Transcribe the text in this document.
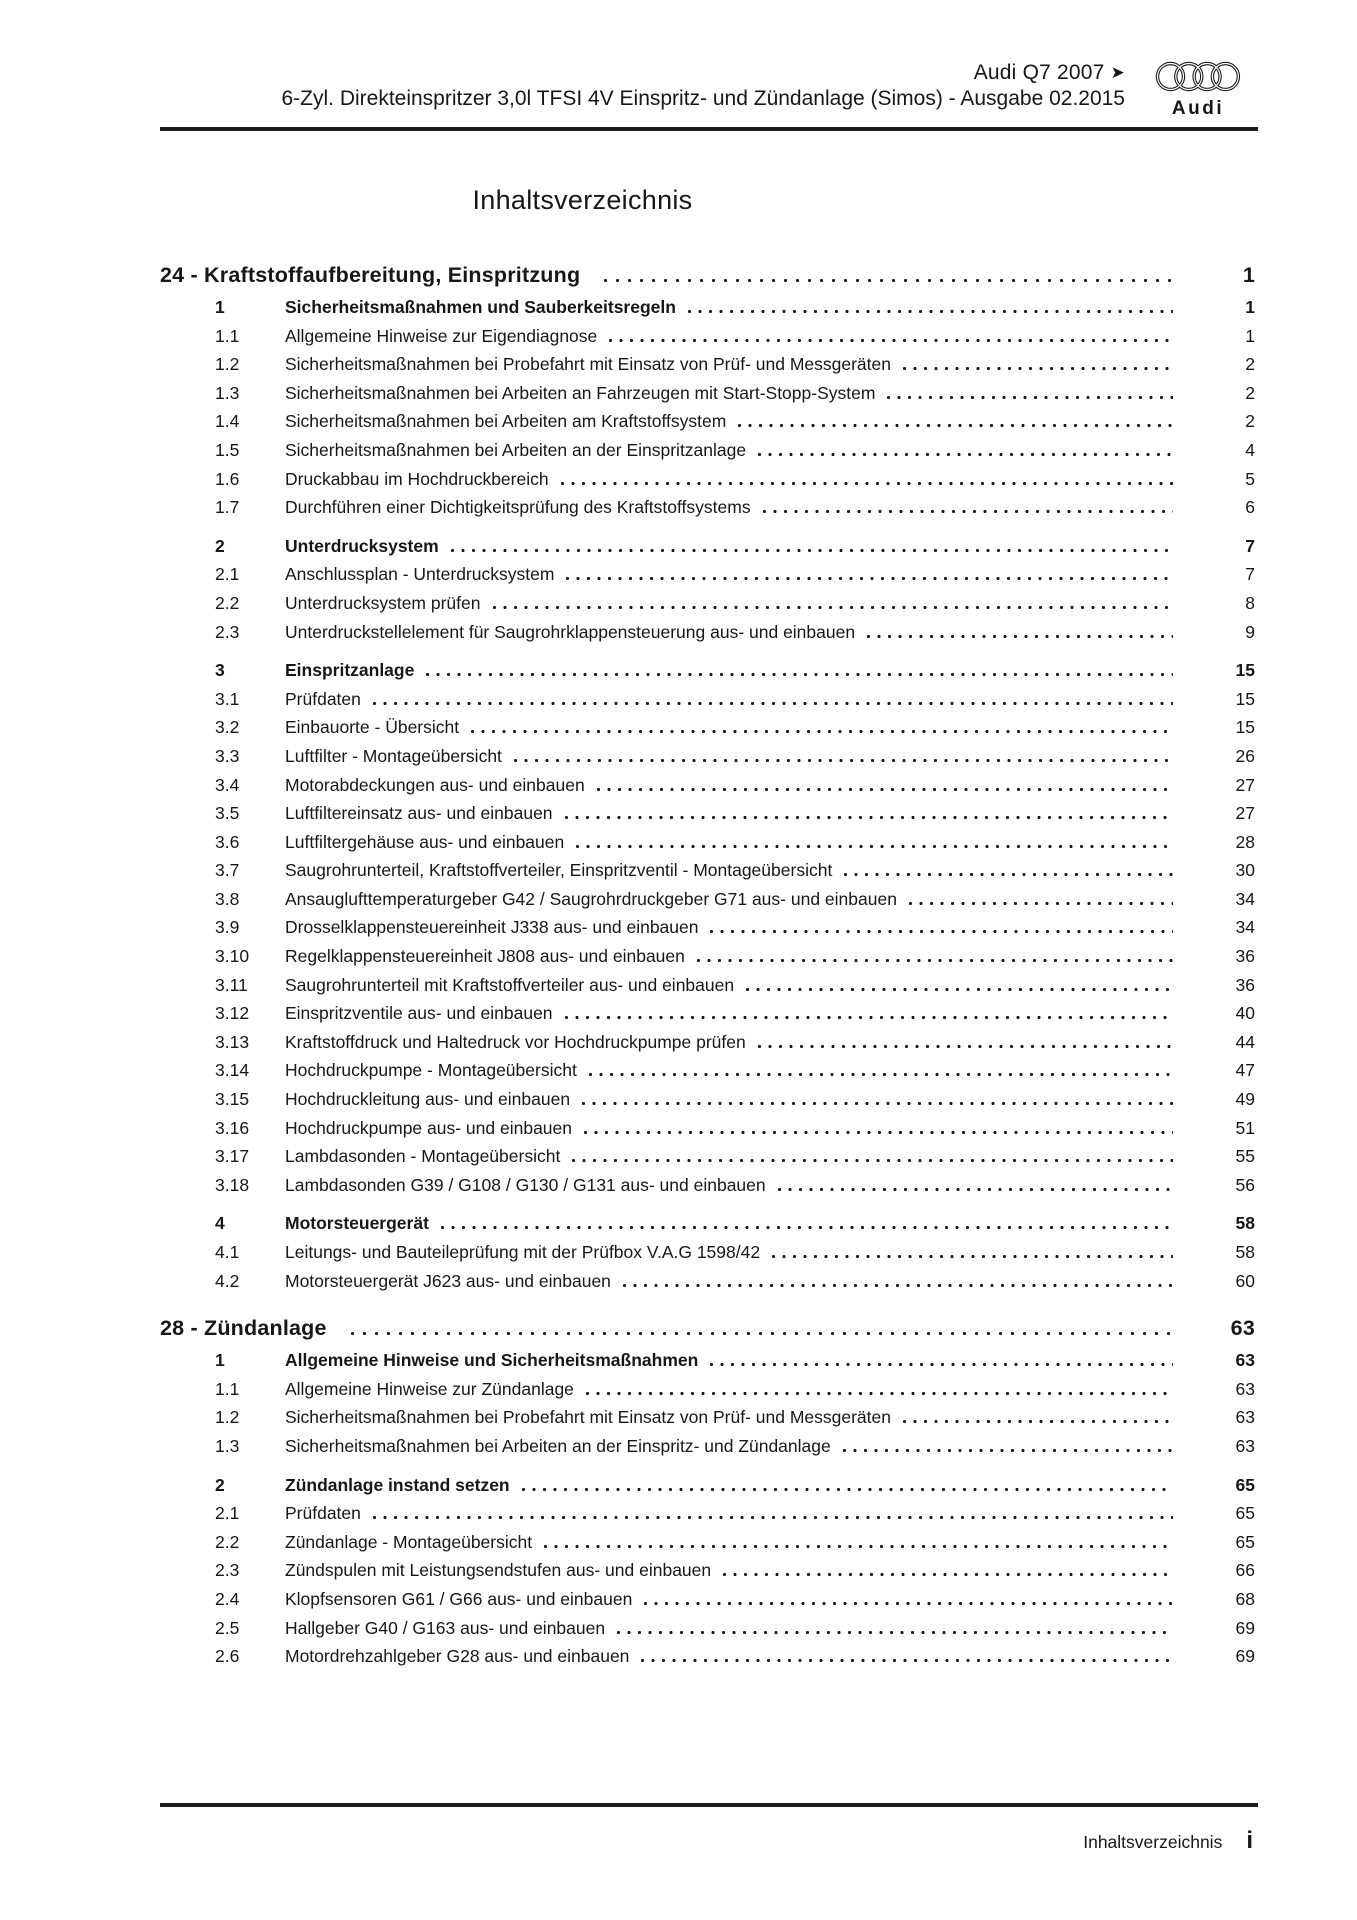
Audi Q7 2007 ➤
6-Zyl. Direkteinspritzer 3,0l TFSI 4V Einspritz- und Zündanlage (Simos) - Ausgabe 02.2015	Audi
Inhaltsverzeichnis
24 - Kraftstoffaufbereitung, Einspritzung	1
1	Sicherheitsmaßnahmen und Sauberkeitsregeln	1
1.1	Allgemeine Hinweise zur Eigendiagnose	1
1.2	Sicherheitsmaßnahmen bei Probefahrt mit Einsatz von Prüf- und Messgeräten	2
1.3	Sicherheitsmaßnahmen bei Arbeiten an Fahrzeugen mit Start-Stopp-System	2
1.4	Sicherheitsmaßnahmen bei Arbeiten am Kraftstoffsystem	2
1.5	Sicherheitsmaßnahmen bei Arbeiten an der Einspritzanlage	4
1.6	Druckabbau im Hochdruckbereich	5
1.7	Durchführen einer Dichtigkeitsprüfung des Kraftstoffsystems	6
2	Unterdrucksystem	7
2.1	Anschlussplan - Unterdrucksystem	7
2.2	Unterdrucksystem prüfen	8
2.3	Unterdruckstellelement für Saugrohrklappensteuerung aus- und einbauen	9
3	Einspritzanlage	15
3.1	Prüfdaten	15
3.2	Einbauorte - Übersicht	15
3.3	Luftfilter - Montageübersicht	26
3.4	Motorabdeckungen aus- und einbauen	27
3.5	Luftfiltereinsatz aus- und einbauen	27
3.6	Luftfiltergehäuse aus- und einbauen	28
3.7	Saugrohrunterteil, Kraftstoffverteiler, Einspritzventil - Montageübersicht	30
3.8	Ansauglufttemperaturgeber G42 / Saugrohrdruckgeber G71 aus- und einbauen	34
3.9	Drosselklappensteuereinheit J338 aus- und einbauen	34
3.10	Regelklappensteuereinheit J808 aus- und einbauen	36
3.11	Saugrohrunterteil mit Kraftstoffverteiler aus- und einbauen	36
3.12	Einspritzventile aus- und einbauen	40
3.13	Kraftstoffdruck und Haltedruck vor Hochdruckpumpe prüfen	44
3.14	Hochdruckpumpe - Montageübersicht	47
3.15	Hochdruckleitung aus- und einbauen	49
3.16	Hochdruckpumpe aus- und einbauen	51
3.17	Lambdasonden - Montageübersicht	55
3.18	Lambdasonden G39 / G108 / G130 / G131 aus- und einbauen	56
4	Motorsteuergerät	58
4.1	Leitungs- und Bauteileprüfung mit der Prüfbox V.A.G 1598/42	58
4.2	Motorsteuergerät J623 aus- und einbauen	60
28 - Zündanlage	63
1	Allgemeine Hinweise und Sicherheitsmaßnahmen	63
1.1	Allgemeine Hinweise zur Zündanlage	63
1.2	Sicherheitsmaßnahmen bei Probefahrt mit Einsatz von Prüf- und Messgeräten	63
1.3	Sicherheitsmaßnahmen bei Arbeiten an der Einspritz- und Zündanlage	63
2	Zündanlage instand setzen	65
2.1	Prüfdaten	65
2.2	Zündanlage - Montageübersicht	65
2.3	Zündspulen mit Leistungsendstufen aus- und einbauen	66
2.4	Klopfsensoren G61 / G66 aus- und einbauen	68
2.5	Hallgeber G40 / G163 aus- und einbauen	69
2.6	Motordrehzahlgeber G28 aus- und einbauen	69
Inhaltsverzeichnis i
